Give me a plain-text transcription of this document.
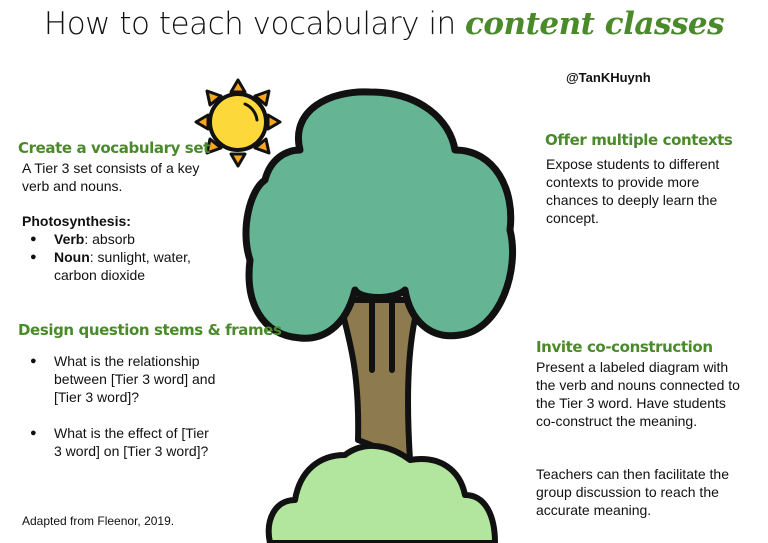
How to teach vocabulary in content classes
@TanKHuynh
Create a vocabulary set
A Tier 3 set consists of a key verb and nouns.
Photosynthesis:
● Verb: absorb
● Noun: sunlight, water, carbon dioxide
Design question stems & frames
● What is the relationship between [Tier 3 word] and [Tier 3 word]?
● What is the effect of [Tier 3 word] on [Tier 3 word]?
Offer multiple contexts
Expose students to different contexts to provide more chances to deeply learn the concept.
Invite co-construction
Present a labeled diagram with the verb and nouns connected to the Tier 3 word. Have students co-construct the meaning.
Teachers can then facilitate the group discussion to reach the accurate meaning.
Adapted from Fleenor, 2019.
